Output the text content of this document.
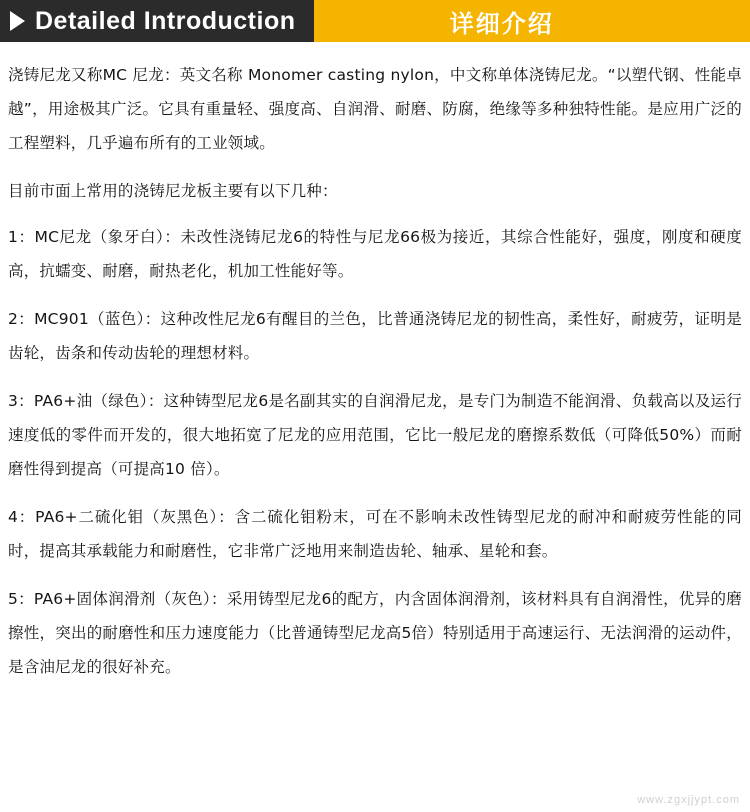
Detailed Introduction	详细介绍

浇铸尼龙又称MC 尼龙：英文名称 Monomer casting nylon，中文称单体浇铸尼龙。“以塑代钢、性能卓越”，用途极其广泛。它具有重量轻、强度高、自润滑、耐磨、防腐，绝缘等多种独特性能。是应用广泛的工程塑料，几乎遍布所有的工业领域。

目前市面上常用的浇铸尼龙板主要有以下几种：

1：MC尼龙（象牙白）：未改性浇铸尼龙6的特性与尼龙66极为接近，其综合性能好，强度，刚度和硬度高，抗蠕变、耐磨，耐热老化，机加工性能好等。

2：MC901（蓝色）：这种改性尼龙6有醒目的兰色，比普通浇铸尼龙的韧性高，柔性好，耐疲劳，证明是齿轮，齿条和传动齿轮的理想材料。

3：PA6+油（绿色）：这种铸型尼龙6是名副其实的自润滑尼龙，是专门为制造不能润滑、负载高以及运行速度低的零件而开发的，很大地拓宽了尼龙的应用范围，它比一般尼龙的磨擦系数低（可降低50%）而耐磨性得到提高（可提高10 倍）。

4：PA6+二硫化钼（灰黑色）：含二硫化钼粉末，可在不影响未改性铸型尼龙的耐冲和耐疲劳性能的同时，提高其承载能力和耐磨性，它非常广泛地用来制造齿轮、轴承、星轮和套。

5：PA6+固体润滑剂（灰色）：采用铸型尼龙6的配方，内含固体润滑剂，该材料具有自润滑性，优异的磨擦性，突出的耐磨性和压力速度能力（比普通铸型尼龙高5倍）特别适用于高速运行、无法润滑的运动件，是含油尼龙的很好补充。

www.zgxjjypt.com
